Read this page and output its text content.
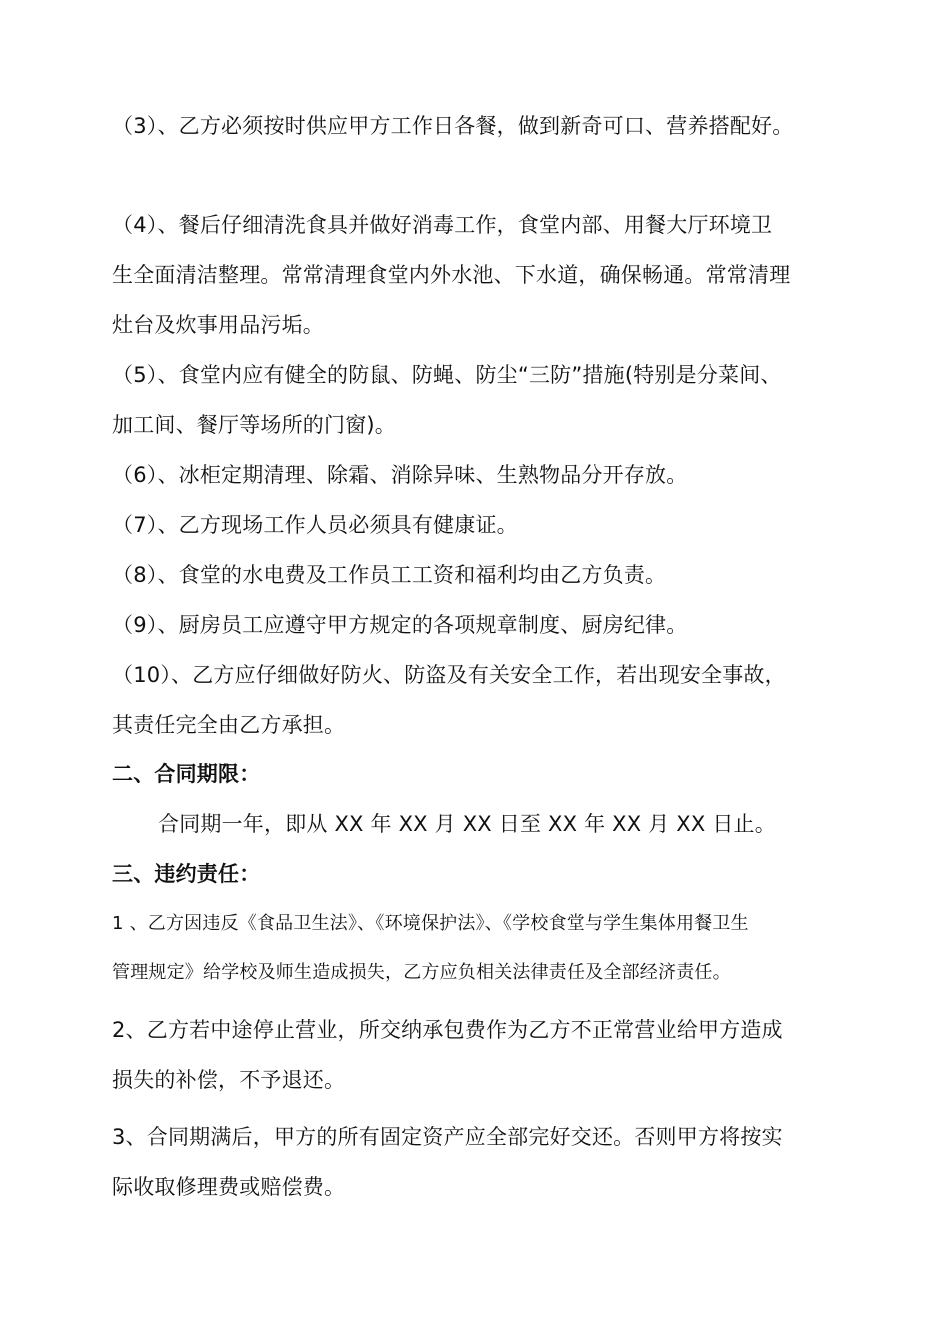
（3）、乙方必须按时供应甲方工作日各餐，做到新奇可口、营养搭配好。
（4）、餐后仔细清洗食具并做好消毒工作，食堂内部、用餐大厅环境卫
生全面清洁整理。常常清理食堂内外水池、下水道，确保畅通。常常清理
灶台及炊事用品污垢。
（5）、食堂内应有健全的防鼠、防蝇、防尘“三防”措施(特别是分菜间、
加工间、餐厅等场所的门窗)。
（6）、冰柜定期清理、除霜、消除异味、生熟物品分开存放。
（7）、乙方现场工作人员必须具有健康证。
（8）、食堂的水电费及工作员工工资和福利均由乙方负责。
（9）、厨房员工应遵守甲方规定的各项规章制度、厨房纪律。
（10）、乙方应仔细做好防火、防盗及有关安全工作，若出现安全事故，
其责任完全由乙方承担。
二、合同期限：
合同期一年，即从 XX 年 XX 月 XX 日至 XX 年 XX 月 XX 日止。
三、违约责任：
1 、乙方因违反《食品卫生法》、《环境保护法》、《学校食堂与学生集体用餐卫生
管理规定》给学校及师生造成损失，乙方应负相关法律责任及全部经济责任。
2、乙方若中途停止营业，所交纳承包费作为乙方不正常营业给甲方造成
损失的补偿，不予退还。
3、合同期满后，甲方的所有固定资产应全部完好交还。否则甲方将按实
际收取修理费或赔偿费。
